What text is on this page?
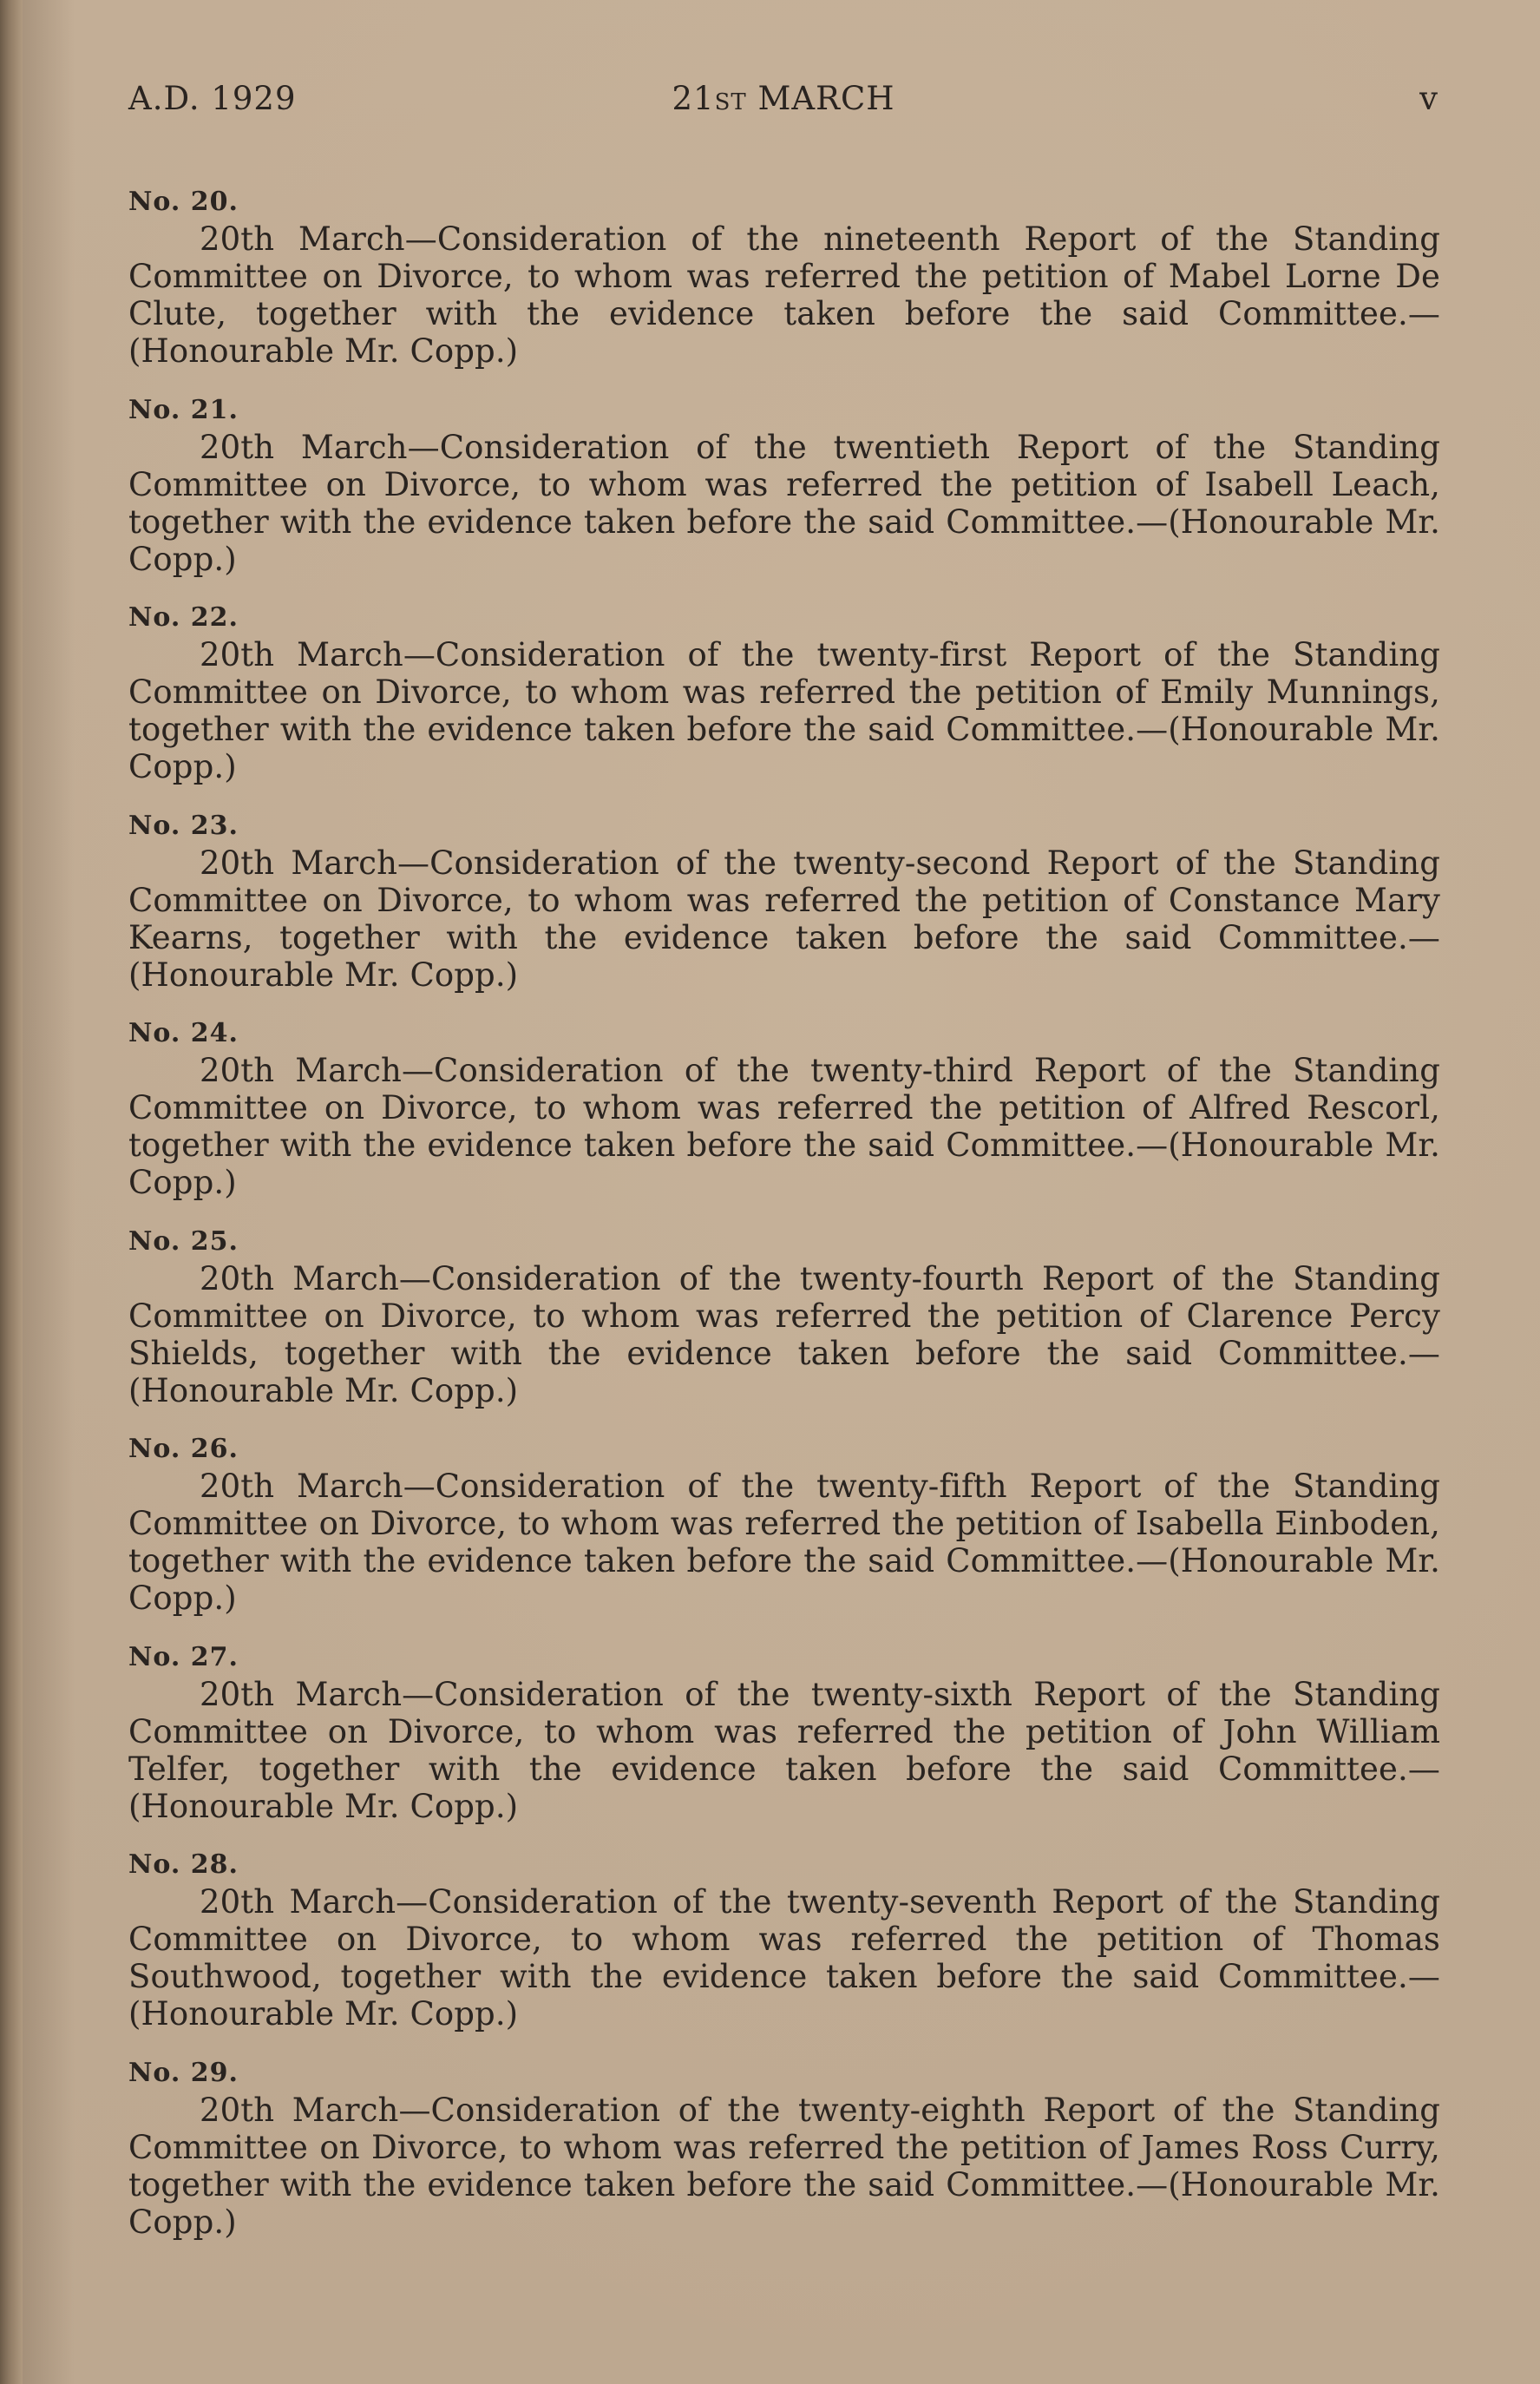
A.D. 1929	21st MARCH	v
No. 20.
20th March—Consideration of the nineteenth Report of the Standing Committee on Divorce, to whom was referred the petition of Mabel Lorne De Clute, together with the evidence taken before the said Committee.—(Honourable Mr. Copp.)
No. 21.
20th March—Consideration of the twentieth Report of the Standing Committee on Divorce, to whom was referred the petition of Isabell Leach, together with the evidence taken before the said Committee.—(Honourable Mr. Copp.)
No. 22.
20th March—Consideration of the twenty-first Report of the Standing Committee on Divorce, to whom was referred the petition of Emily Munnings, together with the evidence taken before the said Committee.—(Honourable Mr. Copp.)
No. 23.
20th March—Consideration of the twenty-second Report of the Standing Committee on Divorce, to whom was referred the petition of Constance Mary Kearns, together with the evidence taken before the said Committee.—(Honourable Mr. Copp.)
No. 24.
20th March—Consideration of the twenty-third Report of the Standing Committee on Divorce, to whom was referred the petition of Alfred Rescorl, together with the evidence taken before the said Committee.—(Honourable Mr. Copp.)
No. 25.
20th March—Consideration of the twenty-fourth Report of the Standing Committee on Divorce, to whom was referred the petition of Clarence Percy Shields, together with the evidence taken before the said Committee.—(Honourable Mr. Copp.)
No. 26.
20th March—Consideration of the twenty-fifth Report of the Standing Committee on Divorce, to whom was referred the petition of Isabella Einboden, together with the evidence taken before the said Committee.—(Honourable Mr. Copp.)
No. 27.
20th March—Consideration of the twenty-sixth Report of the Standing Committee on Divorce, to whom was referred the petition of John William Telfer, together with the evidence taken before the said Committee.—(Honourable Mr. Copp.)
No. 28.
20th March—Consideration of the twenty-seventh Report of the Standing Committee on Divorce, to whom was referred the petition of Thomas Southwood, together with the evidence taken before the said Committee.—(Honourable Mr. Copp.)
No. 29.
20th March—Consideration of the twenty-eighth Report of the Standing Committee on Divorce, to whom was referred the petition of James Ross Curry, together with the evidence taken before the said Committee.—(Honourable Mr. Copp.)
